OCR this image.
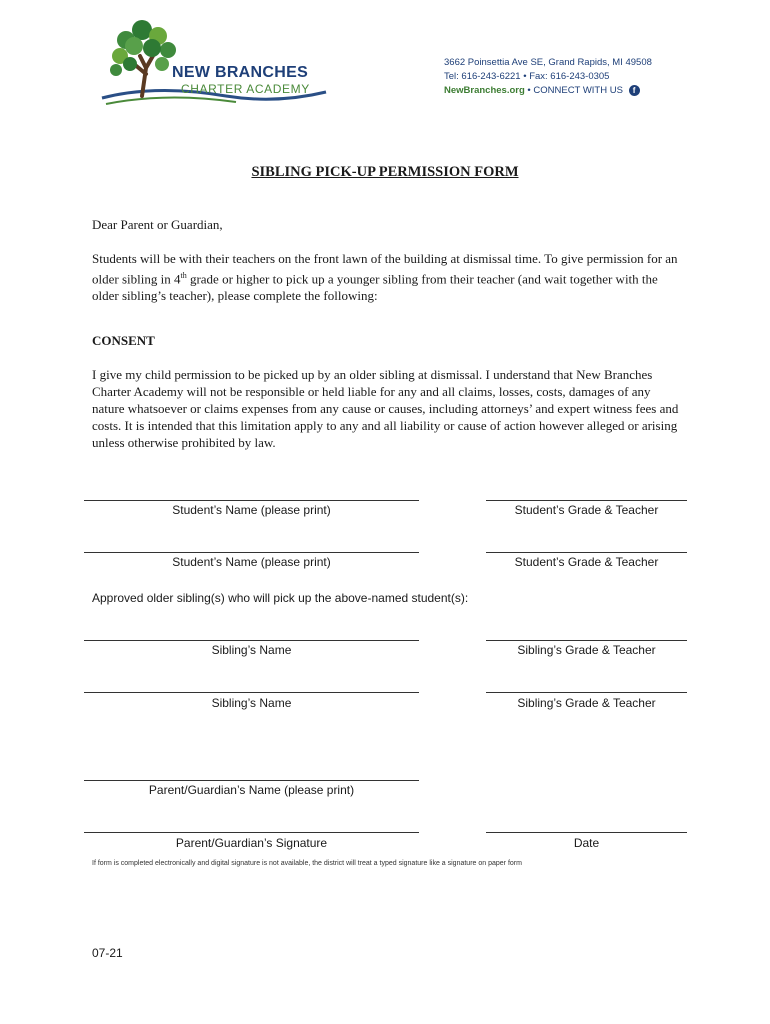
NEW BRANCHES
CHARTER ACADEMY
3662 Poinsettia Ave SE, Grand Rapids, MI 49508
Tel: 616-243-6221 • Fax: 616-243-0305
NewBranches.org • CONNECT WITH US f
SIBLING PICK-UP PERMISSION FORM
Dear Parent or Guardian,
Students will be with their teachers on the front lawn of the building at dismissal time. To give permission for an older sibling in 4th grade or higher to pick up a younger sibling from their teacher (and wait together with the older sibling’s teacher), please complete the following:
CONSENT
I give my child permission to be picked up by an older sibling at dismissal. I understand that New Branches Charter Academy will not be responsible or held liable for any and all claims, losses, costs, damages of any nature whatsoever or claims expenses from any cause or causes, including attorneys’ and expert witness fees and costs. It is intended that this limitation apply to any and all liability or cause of action however alleged or arising unless otherwise prohibited by law.
Student’s Name (please print)	Student’s Grade & Teacher
Student’s Name (please print)	Student’s Grade & Teacher
Approved older sibling(s) who will pick up the above-named student(s):
Sibling’s Name	Sibling’s Grade & Teacher
Sibling’s Name	Sibling’s Grade & Teacher
Parent/Guardian’s Name (please print)
Parent/Guardian’s Signature	Date
If form is completed electronically and digital signature is not available, the district will treat a typed signature like a signature on paper form
07-21
